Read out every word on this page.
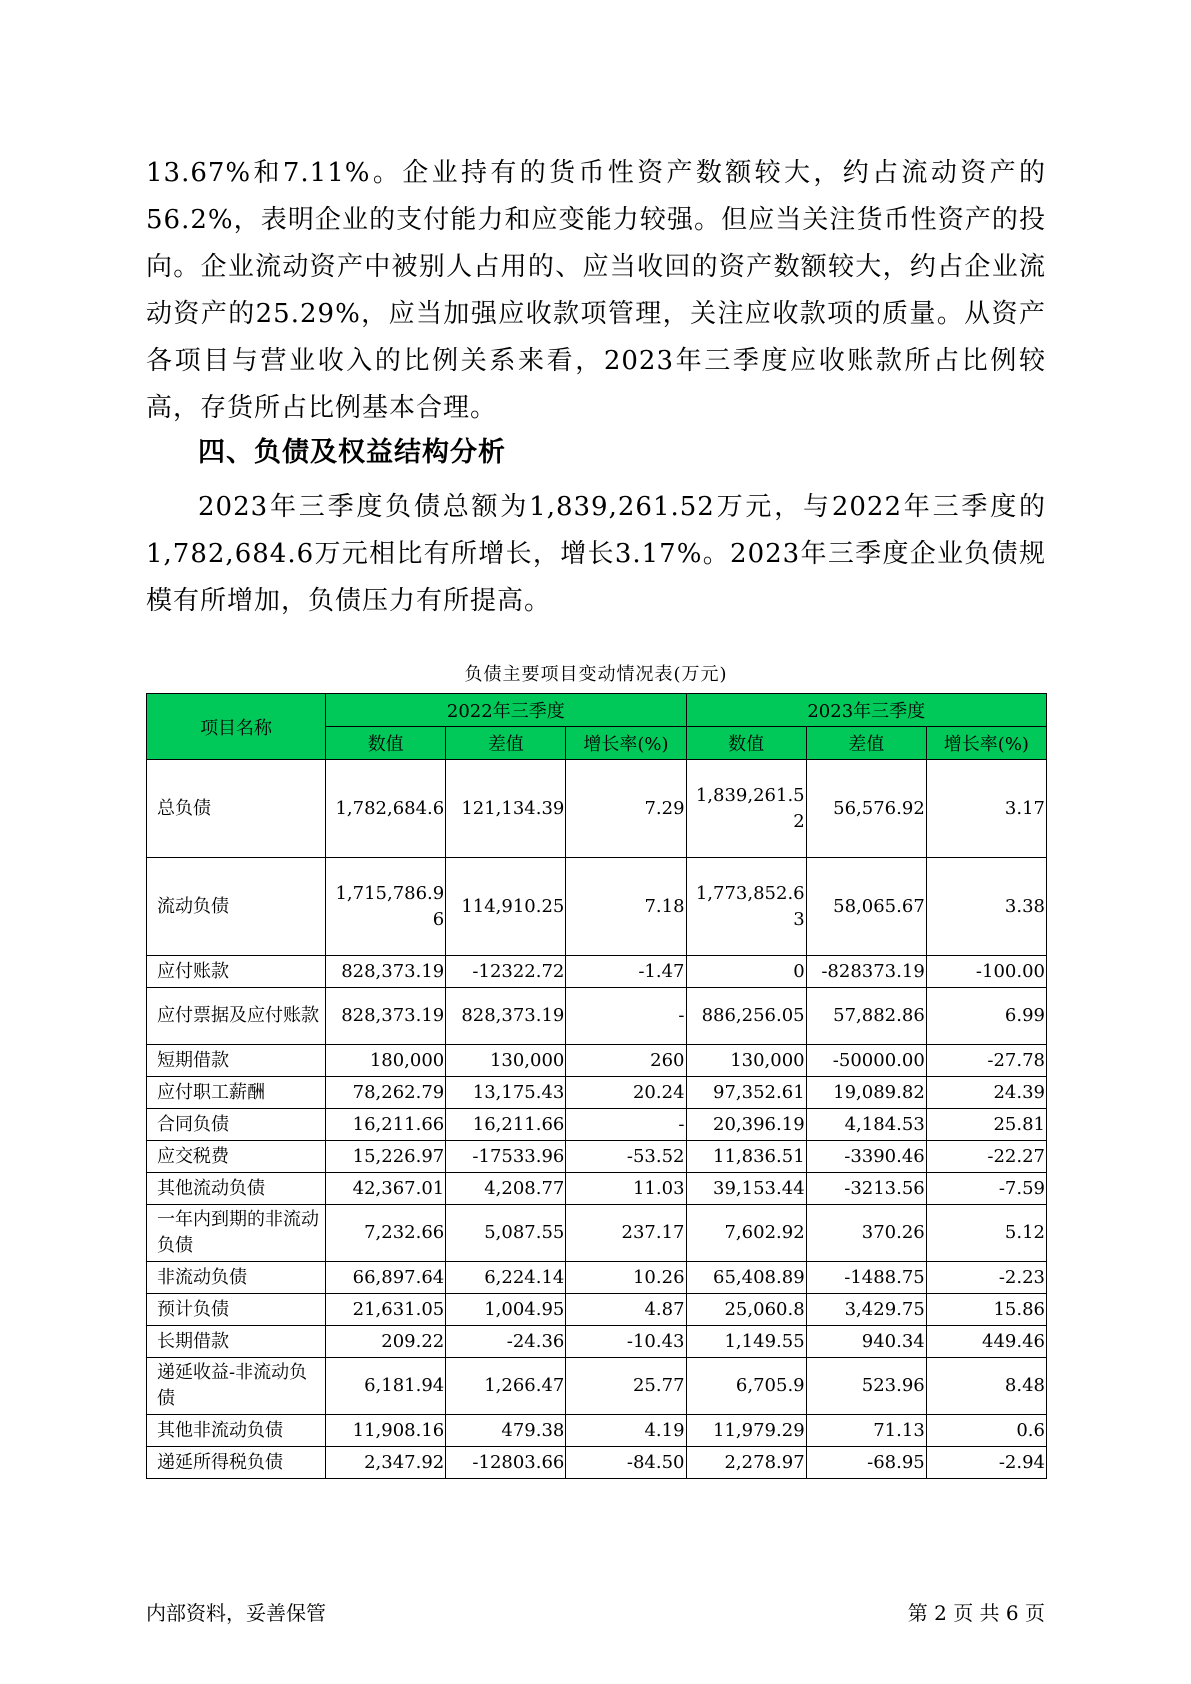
13.67%和7.11%。企业持有的货币性资产数额较大，约占流动资产的56.2%，表明企业的支付能力和应变能力较强。但应当关注货币性资产的投向。企业流动资产中被别人占用的、应当收回的资产数额较大，约占企业流动资产的25.29%，应当加强应收款项管理，关注应收款项的质量。从资产各项目与营业收入的比例关系来看，2023年三季度应收账款所占比例较高，存货所占比例基本合理。

四、负债及权益结构分析

2023年三季度负债总额为1,839,261.52万元，与2022年三季度的1,782,684.6万元相比有所增长，增长3.17%。2023年三季度企业负债规模有所增加，负债压力有所提高。

负债主要项目变动情况表(万元)
项目名称	2022年三季度			2023年三季度		
	数值	差值	增长率(%)	数值	差值	增长率(%)
总负债	1,782,684.6	121,134.39	7.29	1,839,261.52	56,576.92	3.17
流动负债	1,715,786.96	114,910.25	7.18	1,773,852.63	58,065.67	3.38
应付账款	828,373.19	-12322.72	-1.47	0	-828373.19	-100.00
应付票据及应付账款	828,373.19	828,373.19	-	886,256.05	57,882.86	6.99
短期借款	180,000	130,000	260	130,000	-50000.00	-27.78
应付职工薪酬	78,262.79	13,175.43	20.24	97,352.61	19,089.82	24.39
合同负债	16,211.66	16,211.66	-	20,396.19	4,184.53	25.81
应交税费	15,226.97	-17533.96	-53.52	11,836.51	-3390.46	-22.27
其他流动负债	42,367.01	4,208.77	11.03	39,153.44	-3213.56	-7.59
一年内到期的非流动负债	7,232.66	5,087.55	237.17	7,602.92	370.26	5.12
非流动负债	66,897.64	6,224.14	10.26	65,408.89	-1488.75	-2.23
预计负债	21,631.05	1,004.95	4.87	25,060.8	3,429.75	15.86
长期借款	209.22	-24.36	-10.43	1,149.55	940.34	449.46
递延收益-非流动负债	6,181.94	1,266.47	25.77	6,705.9	523.96	8.48
其他非流动负债	11,908.16	479.38	4.19	11,979.29	71.13	0.6
递延所得税负债	2,347.92	-12803.66	-84.50	2,278.97	-68.95	-2.94
内部资料，妥善保管	第 2 页 共 6 页
